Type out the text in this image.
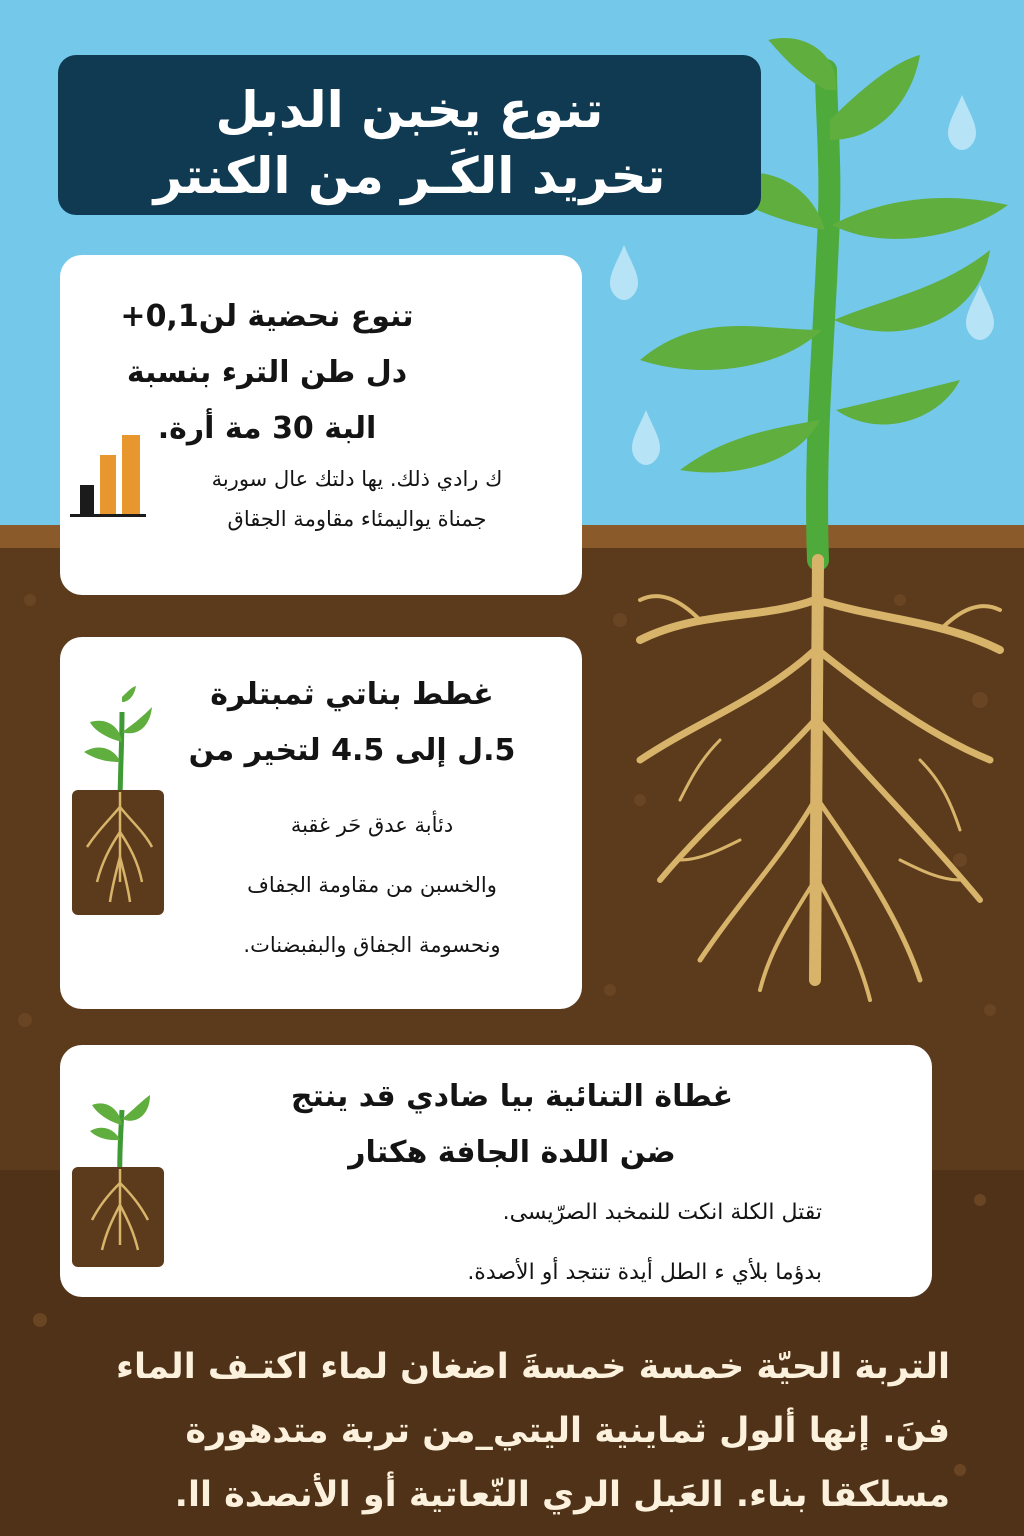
تنوع يخبن الدبل
تخريد الكَـر من الكنتر
تنوع نحضية لن0,1+
دل طن الترء بنسبة
البة 30 مة أرة.
ك رادي ذلك. يها دلتك عال سوربة
جمناة يواليمئاء مقاومة الجقاق
غطط بناتي ثمبتلرة
5.ل إلى 4.5 لتخير من
دئأبة عدق حَر غقبة
والخسبن من مقاومة الجفاف
ونحسومة الجفاق والبفبضنات.
غطاة التنائية بيا ضادي قد ينتج
ضن اللدة الجافة هكتار
تقتل الكلة انكت للنمخبد الصرّيسى.
بدؤما بلأي ء الطل أيدة تنتجد أو الأصدة.
التربة الحيّة خمسة خمسةَ اضغان لماء اكتـف الماء
فنَ. إنها ألول ثماينية اليتي_من تربة متدهورة
مسلكقا بناء. العَبل الري النّعاتية أو الأنصدة اا.
